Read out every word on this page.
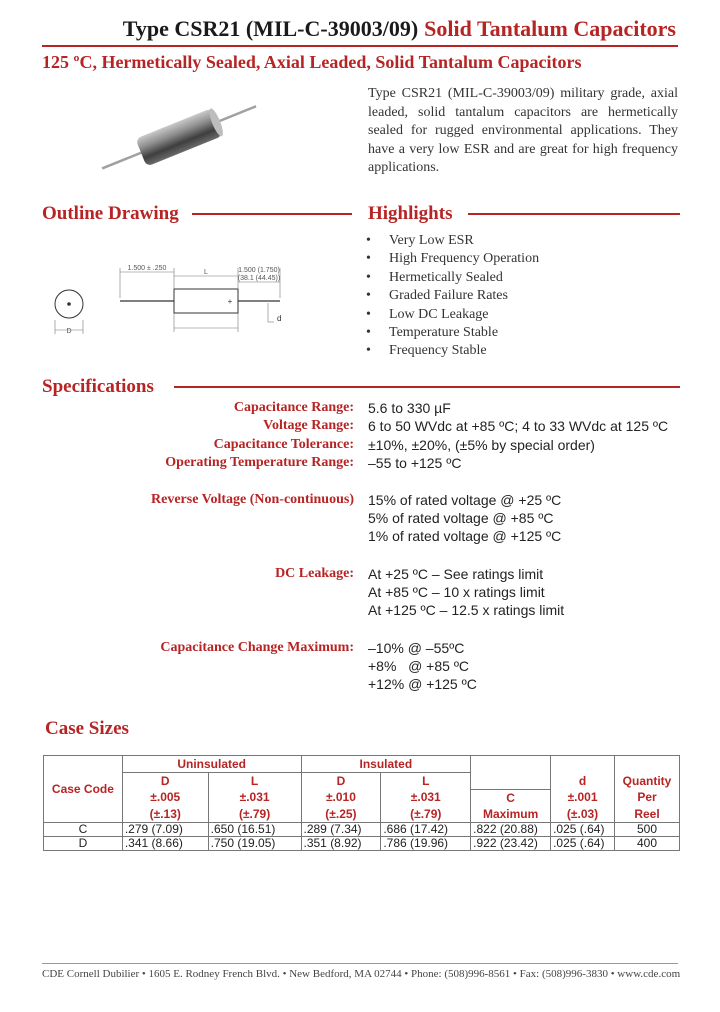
Type CSR21 (MIL-C-39003/09) Solid Tantalum Capacitors
125 ºC, Hermetically Sealed, Axial Leaded, Solid Tantalum Capacitors
Type CSR21 (MIL-C-39003/09) military grade, axial leaded, solid tantalum capacitors are hermetically sealed for rugged environmental applications. They have a very low ESR and are great for high frequency applications.
Outline Drawing
D
+
1.500 ± .250
L	1.500 (1.750)
(38.1 (44.45))
d
Highlights
• Very Low ESR
• High Frequency Operation
• Hermetically Sealed
• Graded Failure Rates
• Low DC Leakage
• Temperature Stable
• Frequency Stable
Specifications
Capacitance Range: 5.6 to 330 µF
Voltage Range: 6 to 50 WVdc at +85 ºC; 4 to 33 WVdc at 125 ºC
Capacitance Tolerance: ±10%, ±20%, (±5% by special order)
Operating Temperature Range: –55 to +125 ºC
Reverse Voltage (Non-continuous) 15% of rated voltage @ +25 ºC
5% of rated voltage @ +85 ºC
1% of rated voltage @ +125 ºC
DC Leakage: At +25 ºC – See ratings limit
At +85 ºC – 10 x ratings limit
At +125 ºC – 12.5 x ratings limit
Capacitance Change Maximum: –10% @ –55ºC
+8%   @ +85 ºC
+12% @ +125 ºC
Case Sizes
Case Code	Uninsulated		Insulated				
	D	L	D	L		d	Quantity
	±.005	±.031	±.010	±.031	C	±.001	Per
	(±.13)	(±.79)	(±.25)	(±.79)	Maximum	(±.03)	Reel
C	.279 (7.09)	.650 (16.51)	.289 (7.34)	.686 (17.42)	.822 (20.88)	.025 (.64)	500
D	.341 (8.66)	.750 (19.05)	.351 (8.92)	.786 (19.96)	.922 (23.42)	.025 (.64)	400
CDE Cornell Dubilier • 1605 E. Rodney French Blvd. • New Bedford, MA 02744 • Phone: (508)996-8561 • Fax: (508)996-3830 • www.cde.com
